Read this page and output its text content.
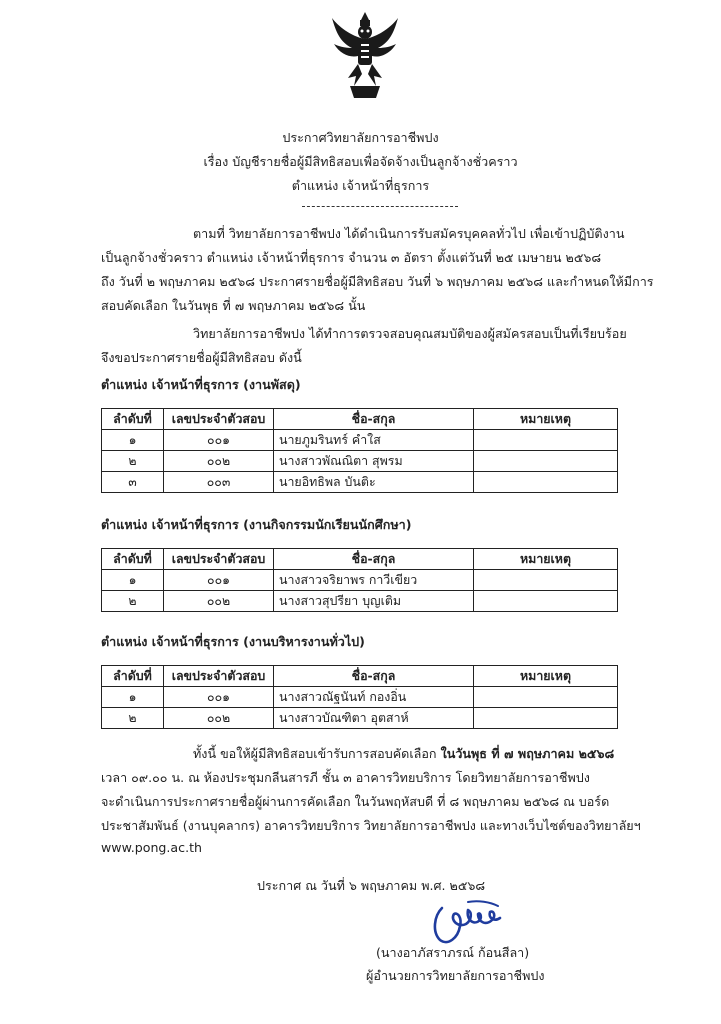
ประกาศวิทยาลัยการอาชีพปง
เรื่อง บัญชีรายชื่อผู้มีสิทธิสอบเพื่อจัดจ้างเป็นลูกจ้างชั่วคราว
ตำแหน่ง เจ้าหน้าที่ธุรการ
ตามที่ วิทยาลัยการอาชีพปง ได้ดำเนินการรับสมัครบุคคลทั่วไป เพื่อเข้าปฏิบัติงาน
เป็นลูกจ้างชั่วคราว ตำแหน่ง เจ้าหน้าที่ธุรการ จำนวน ๓ อัตรา ตั้งแต่วันที่ ๒๕ เมษายน ๒๕๖๘
ถึง วันที่ ๒ พฤษภาคม ๒๕๖๘ ประกาศรายชื่อผู้มีสิทธิสอบ วันที่ ๖ พฤษภาคม ๒๕๖๘ และกำหนดให้มีการ
สอบคัดเลือก ในวันพุธ ที่ ๗ พฤษภาคม ๒๕๖๘ นั้น
วิทยาลัยการอาชีพปง ได้ทำการตรวจสอบคุณสมบัติของผู้สมัครสอบเป็นที่เรียบร้อย
จึงขอประกาศรายชื่อผู้มีสิทธิสอบ ดังนี้
ตำแหน่ง เจ้าหน้าที่ธุรการ (งานพัสดุ)
ลำดับที่	เลขประจำตัวสอบ	ชื่อ-สกุล	หมายเหตุ
๑	๐๐๑	นายภูมรินทร์ คำใส	
๒	๐๐๒	นางสาวพัณณิตา สุพรม	
๓	๐๐๓	นายอิทธิพล บันติะ	
ตำแหน่ง เจ้าหน้าที่ธุรการ (งานกิจกรรมนักเรียนนักศึกษา)
ลำดับที่	เลขประจำตัวสอบ	ชื่อ-สกุล	หมายเหตุ
๑	๐๐๑	นางสาวจริยาพร กาวีเขียว	
๒	๐๐๒	นางสาวสุปรียา บุญเติม	
ตำแหน่ง เจ้าหน้าที่ธุรการ (งานบริหารงานทั่วไป)
ลำดับที่	เลขประจำตัวสอบ	ชื่อ-สกุล	หมายเหตุ
๑	๐๐๑	นางสาวณัฐนันท์ กองอิ่น	
๒	๐๐๒	นางสาวบัณฑิตา อุตสาห์	
ทั้งนี้ ขอให้ผู้มีสิทธิสอบเข้ารับการสอบคัดเลือก ในวันพุธ ที่ ๗ พฤษภาคม ๒๕๖๘
เวลา ๐๙.๐๐ น. ณ ห้องประชุมกลีนสารภี ชั้น ๓ อาคารวิทยบริการ โดยวิทยาลัยการอาชีพปง
จะดำเนินการประกาศรายชื่อผู้ผ่านการคัดเลือก ในวันพฤหัสบดี ที่ ๘ พฤษภาคม ๒๕๖๘ ณ บอร์ด
ประชาสัมพันธ์ (งานบุคลากร) อาคารวิทยบริการ วิทยาลัยการอาชีพปง และทางเว็บไซต์ของวิทยาลัยฯ
www.pong.ac.th
ประกาศ ณ วันที่ ๖ พฤษภาคม พ.ศ. ๒๕๖๘
(นางอาภัสราภรณ์ ก้อนสีลา)
ผู้อำนวยการวิทยาลัยการอาชีพปง
